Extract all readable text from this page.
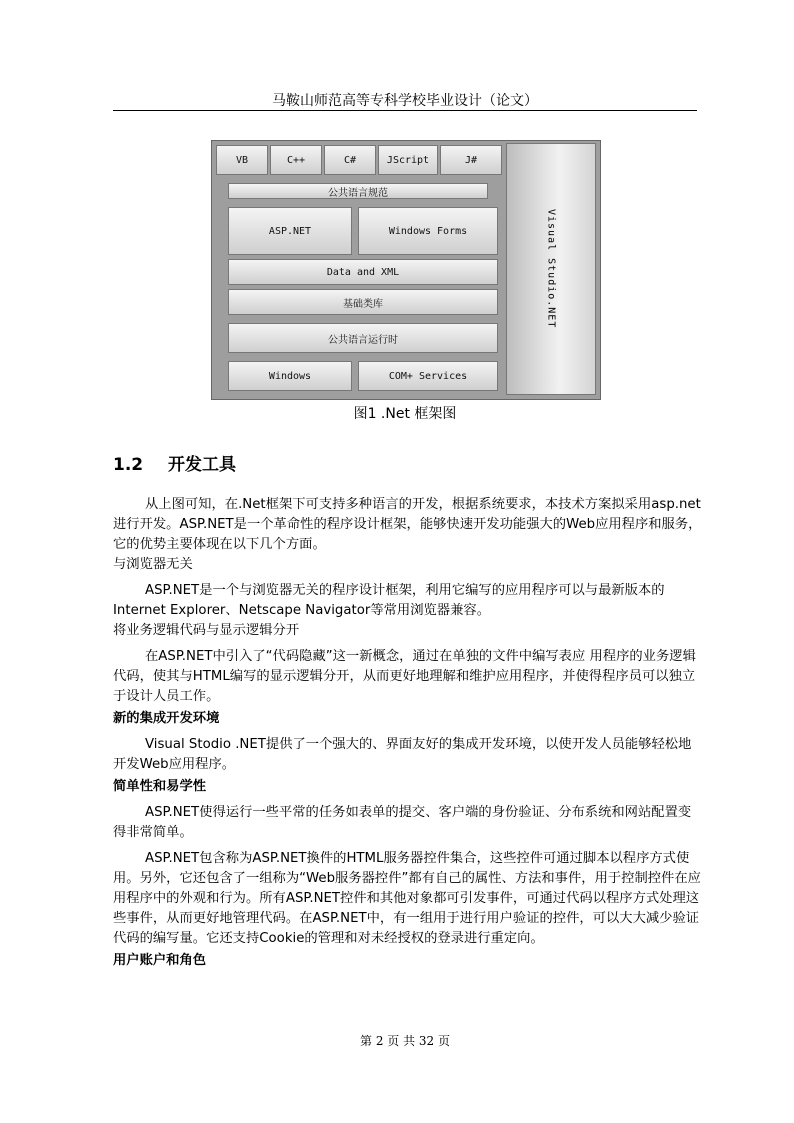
马鞍山师范高等专科学校毕业设计（论文）
VB	C++	C#	JScript	J#
公共语言规范
ASP.NET	Windows Forms
Data and XML
基础类库
公共语言运行时
Windows	COM+ Services
Visual Studio.NET
图1 .Net 框架图
1.2 开发工具

从上图可知，在.Net框架下可支持多种语言的开发，根据系统要求，本技术方案拟采用asp.net进行开发。ASP.NET是一个革命性的程序设计框架，能够快速开发功能强大的Web应用程序和服务，它的优势主要体现在以下几个方面。

与浏览器无关

ASP.NET是一个与浏览器无关的程序设计框架，利用它编写的应用程序可以与最新版本的 Internet Explorer、Netscape Navigator等常用浏览器兼容。

将业务逻辑代码与显示逻辑分开

在ASP.NET中引入了“代码隐藏”这一新概念，通过在单独的文件中编写表应 用程序的业务逻辑代码，使其与HTML编写的显示逻辑分开，从而更好地理解和维护应用程序，并使得程序员可以独立于设计人员工作。

新的集成开发环境

Visual Stodio .NET提供了一个强大的、界面友好的集成开发环境，以使开发人员能够轻松地开发Web应用程序。

简单性和易学性

ASP.NET使得运行一些平常的任务如表单的提交、客户端的身份验证、分布系统和网站配置变得非常简单。

ASP.NET包含称为ASP.NET換件的HTML服务器控件集合，这些控件可通过脚本以程序方式使用。另外，它还包含了一组称为“Web服务器控件”都有自己的属性、方法和事件，用于控制控件在应用程序中的外观和行为。所有ASP.NET控件和其他对象都可引发事件，可通过代码以程序方式处理这些事件，从而更好地管理代码。在ASP.NET中，有一组用于进行用户验证的控件，可以大大减少验证代码的编写量。它还支持Cookie的管理和对未经授权的登录进行重定向。

用户账户和角色

第 2 页 共 32 页
